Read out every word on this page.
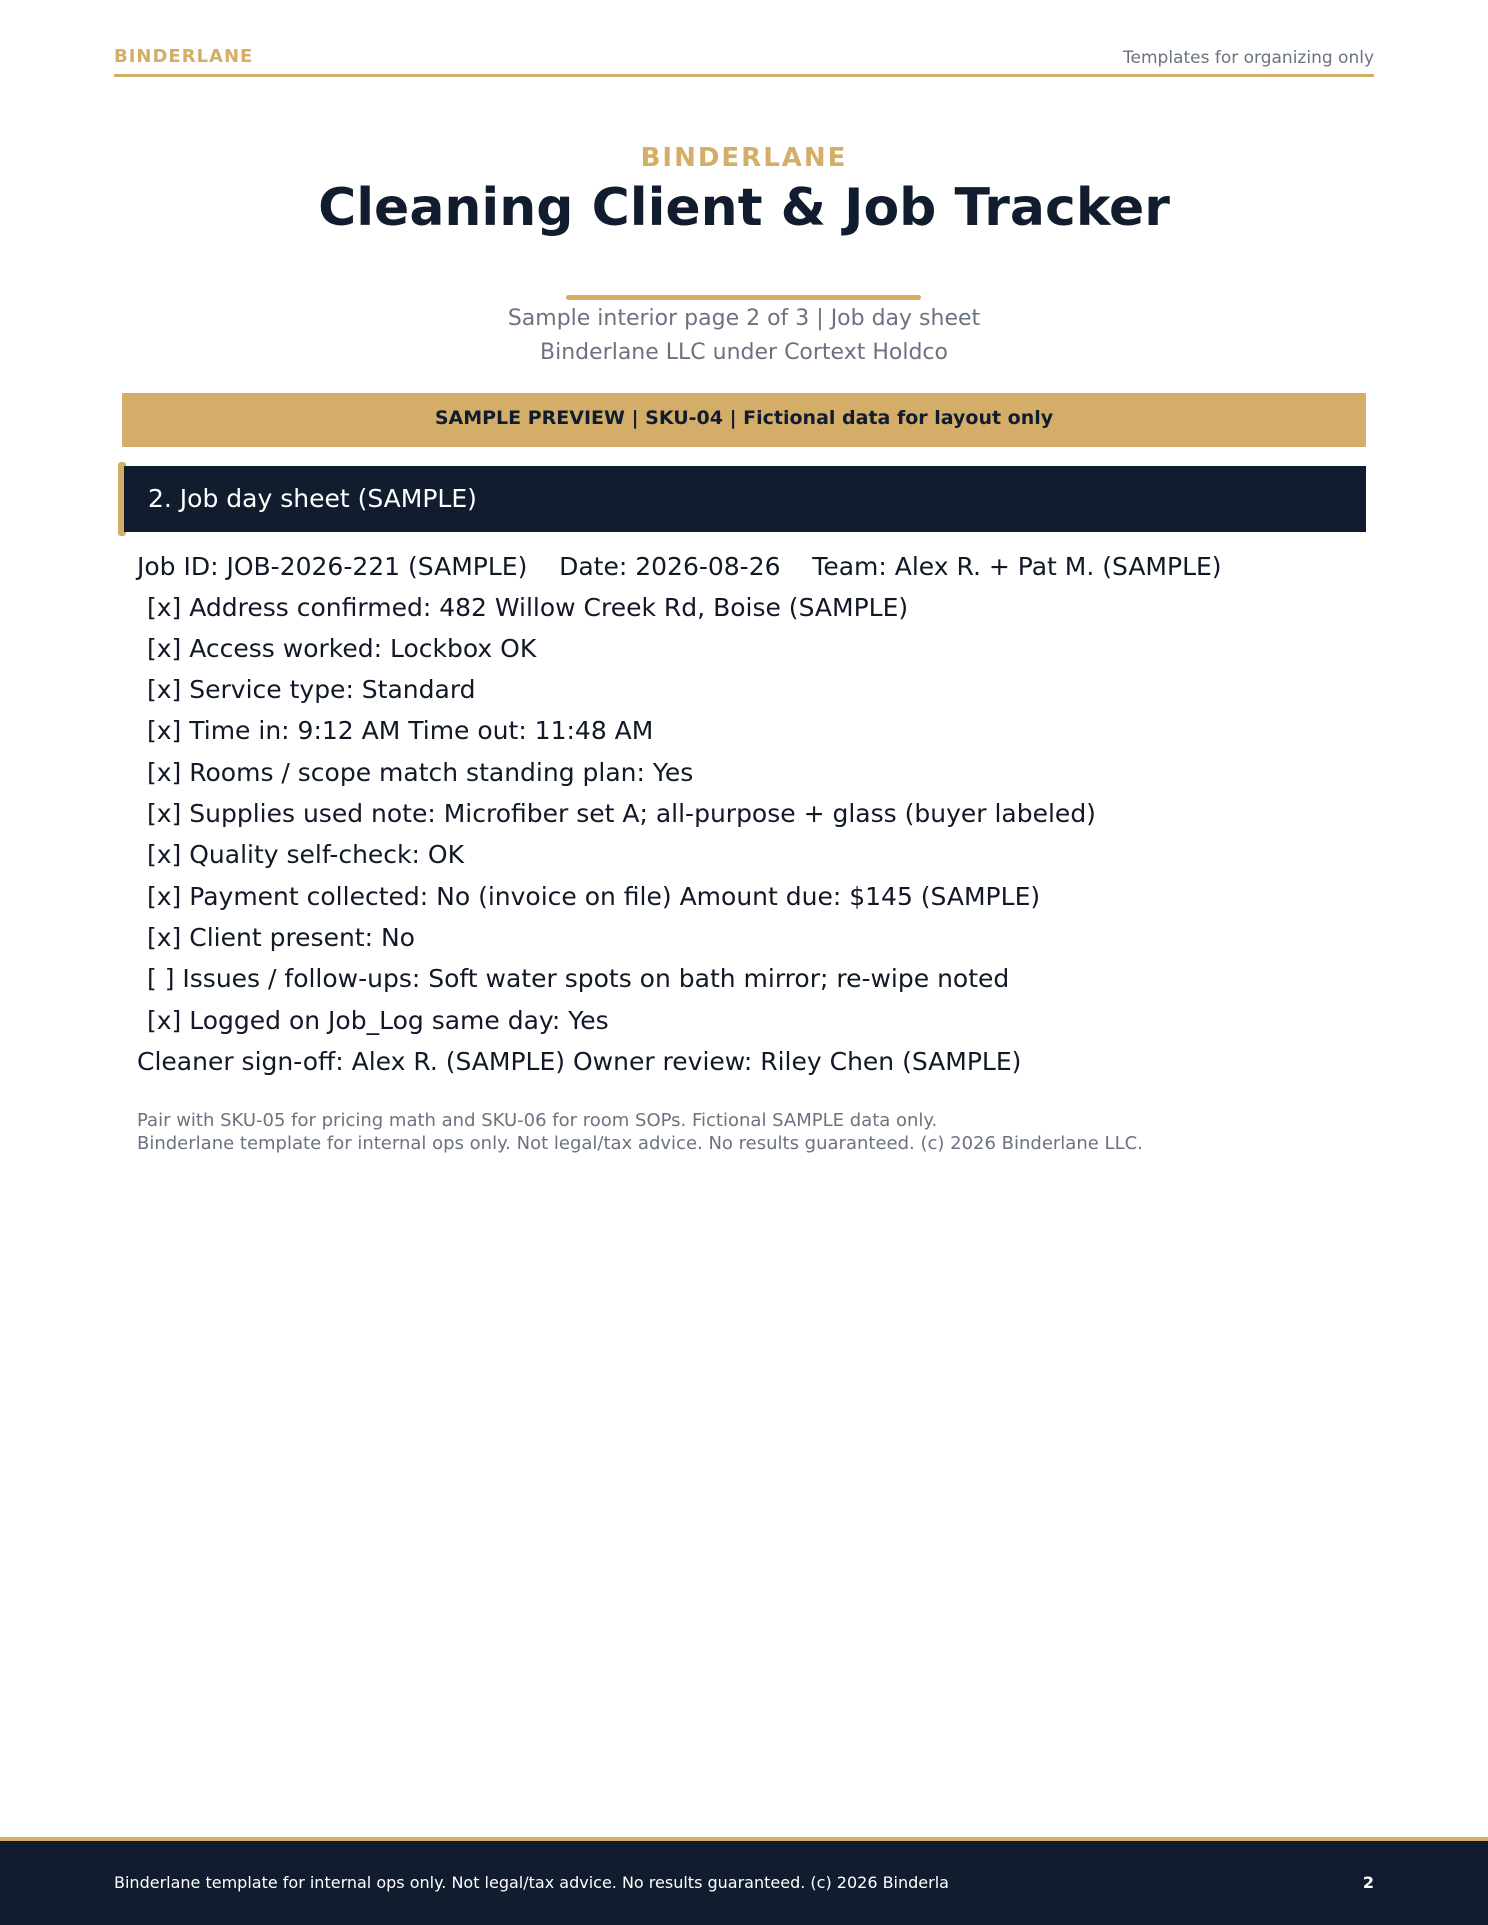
BINDERLANE	Templates for organizing only
BINDERLANE
Cleaning Client & Job Tracker
Sample interior page 2 of 3 | Job day sheet
Binderlane LLC under Cortext Holdco
SAMPLE PREVIEW | SKU-04 | Fictional data for layout only
2. Job day sheet (SAMPLE)
Job ID: JOB-2026-221 (SAMPLE)    Date: 2026-08-26    Team: Alex R. + Pat M. (SAMPLE)
[x] Address confirmed: 482 Willow Creek Rd, Boise (SAMPLE)
[x] Access worked: Lockbox OK
[x] Service type: Standard
[x] Time in: 9:12 AM Time out: 11:48 AM
[x] Rooms / scope match standing plan: Yes
[x] Supplies used note: Microfiber set A; all-purpose + glass (buyer labeled)
[x] Quality self-check: OK
[x] Payment collected: No (invoice on file) Amount due: $145 (SAMPLE)
[x] Client present: No
[ ] Issues / follow-ups: Soft water spots on bath mirror; re-wipe noted
[x] Logged on Job_Log same day: Yes
Cleaner sign-off: Alex R. (SAMPLE) Owner review: Riley Chen (SAMPLE)
Pair with SKU-05 for pricing math and SKU-06 for room SOPs. Fictional SAMPLE data only.
Binderlane template for internal ops only. Not legal/tax advice. No results guaranteed. (c) 2026 Binderlane LLC.
Binderlane template for internal ops only. Not legal/tax advice. No results guaranteed. (c) 2026 Binderla	2
